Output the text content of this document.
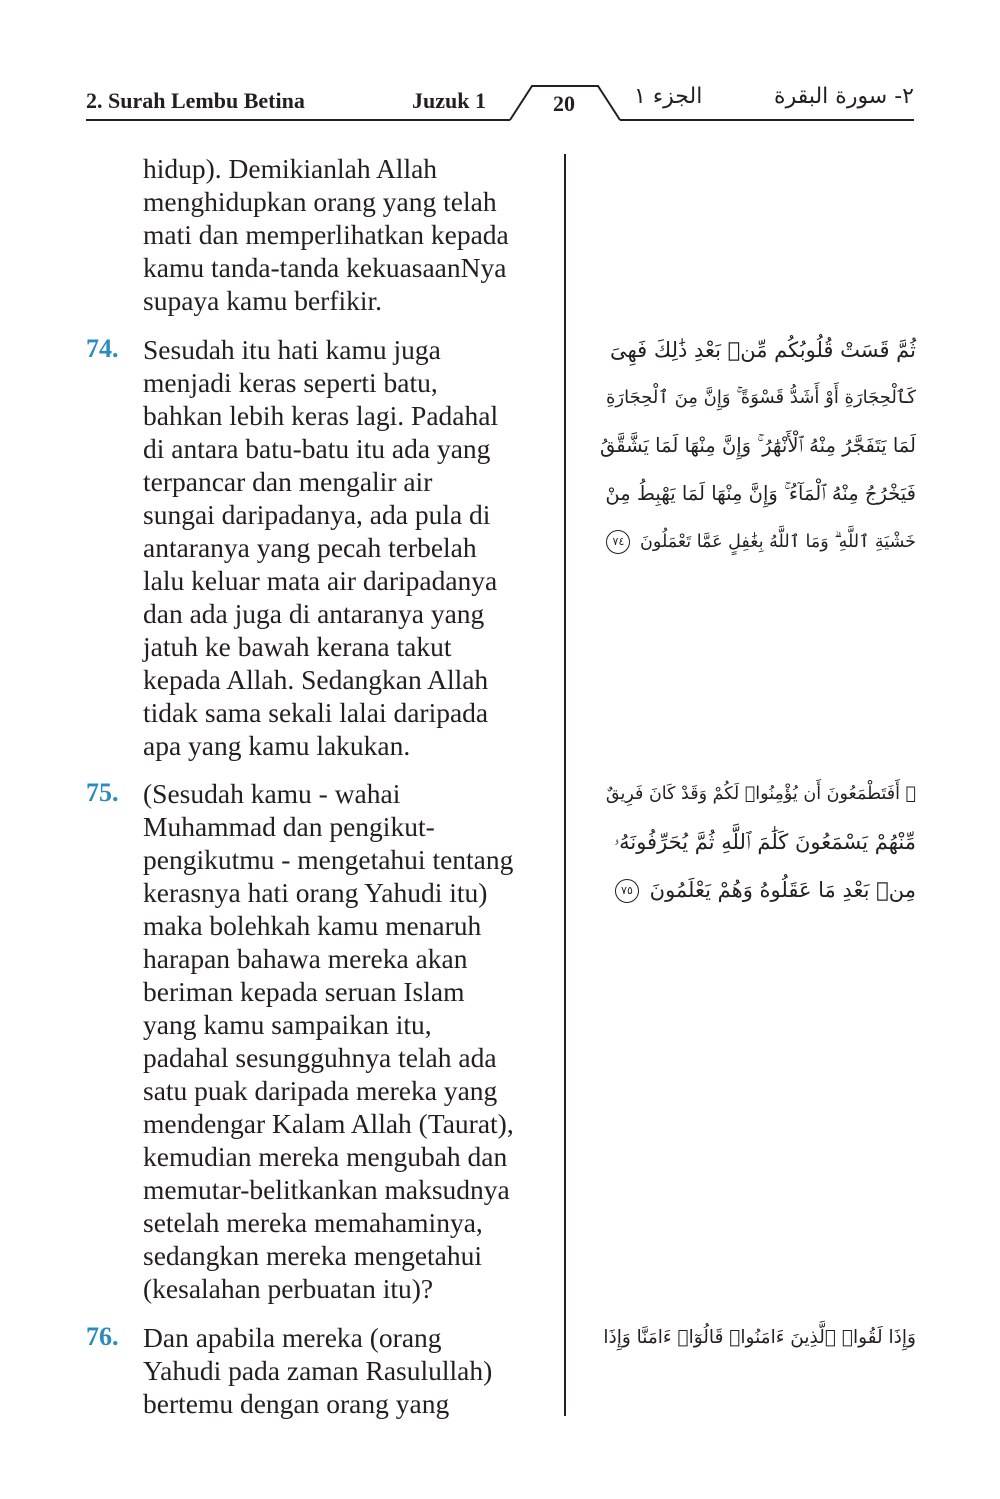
2. Surah Lembu Betina	Juzuk 1	20	الجزء ١	٢- سورة البقرة
hidup). Demikianlah Allah
menghidupkan orang yang telah
mati dan memperlihatkan kepada
kamu tanda-tanda kekuasaanNya
supaya kamu berfikir.
74. Sesudah itu hati kamu juga
menjadi keras seperti batu,
bahkan lebih keras lagi. Padahal
di antara batu-batu itu ada yang
terpancar dan mengalir air
sungai daripadanya, ada pula di
antaranya yang pecah terbelah
lalu keluar mata air daripadanya
dan ada juga di antaranya yang
jatuh ke bawah kerana takut
kepada Allah. Sedangkan Allah
tidak sama sekali lalai daripada
apa yang kamu lakukan.
ثُمَّ قَسَتْ قُلُوبُكُم مِّنۢ بَعْدِ ذَٰلِكَ فَهِىَ
كَٱلْحِجَارَةِ أَوْ أَشَدُّ قَسْوَةً ۚ وَإِنَّ مِنَ ٱلْحِجَارَةِ
لَمَا يَتَفَجَّرُ مِنْهُ ٱلْأَنْهَٰرُ ۚ وَإِنَّ مِنْهَا لَمَا يَشَّقَّقُ
فَيَخْرُجُ مِنْهُ ٱلْمَآءُ ۚ وَإِنَّ مِنْهَا لَمَا يَهْبِطُ مِنْ
خَشْيَةِ ٱللَّهِ ۗ وَمَا ٱللَّهُ بِغَٰفِلٍ عَمَّا تَعْمَلُونَ ٧٤
75. (Sesudah kamu - wahai
Muhammad dan pengikut-
pengikutmu - mengetahui tentang
kerasnya hati orang Yahudi itu)
maka bolehkah kamu menaruh
harapan bahawa mereka akan
beriman kepada seruan Islam
yang kamu sampaikan itu,
padahal sesungguhnya telah ada
satu puak daripada mereka yang
mendengar Kalam Allah (Taurat),
kemudian mereka mengubah dan
memutar-belitkankan maksudnya
setelah mereka memahaminya,
sedangkan mereka mengetahui
(kesalahan perbuatan itu)?
۞ أَفَتَطْمَعُونَ أَن يُؤْمِنُوا۟ لَكُمْ وَقَدْ كَانَ فَرِيقٌ
مِّنْهُمْ يَسْمَعُونَ كَلَٰمَ ٱللَّهِ ثُمَّ يُحَرِّفُونَهُۥ
مِنۢ بَعْدِ مَا عَقَلُوهُ وَهُمْ يَعْلَمُونَ ٧٥
76. Dan apabila mereka (orang
Yahudi pada zaman Rasulullah)
bertemu dengan orang yang
وَإِذَا لَقُوا۟ ٱلَّذِينَ ءَامَنُوا۟ قَالُوٓا۟ ءَامَنَّا وَإِذَا
